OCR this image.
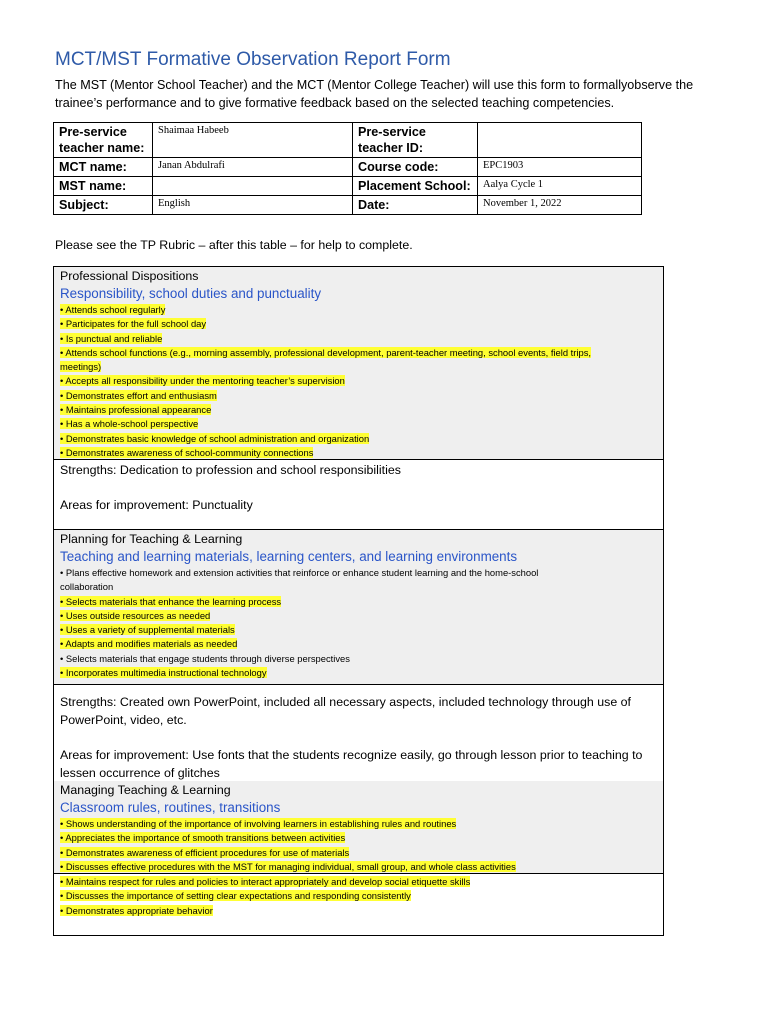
MCT/MST Formative Observation Report Form
The MST (Mentor School Teacher) and the MCT (Mentor College Teacher) will use this form to formallyobserve the trainee’s performance and to give formative feedback based on the selected teaching competencies.
Pre-service teacher name:	Shaimaa Habeeb	Pre-service teacher ID:	
MCT name:	Janan Abdulrafi	Course code:	EPC1903
MST name:		Placement School:	Aalya Cycle 1
Subject:	English	Date:	November 1, 2022
Please see the TP Rubric – after this table – for help to complete.
Professional Dispositions
Responsibility, school duties and punctuality
• Attends school regularly
• Participates for the full school day
• Is punctual and reliable
• Attends school functions (e.g., morning assembly, professional development, parent-teacher meeting, school events, field trips,
meetings)
• Accepts all responsibility under the mentoring teacher’s supervision
• Demonstrates effort and enthusiasm
• Maintains professional appearance
• Has a whole-school perspective
• Demonstrates basic knowledge of school administration and organization
• Demonstrates awareness of school-community connections

Strengths: Dedication to profession and school responsibilities

Areas for improvement: Punctuality

Planning for Teaching & Learning
Teaching and learning materials, learning centers, and learning environments
• Plans effective homework and extension activities that reinforce or enhance student learning and the home-school
collaboration
• Selects materials that enhance the learning process
• Uses outside resources as needed
• Uses a variety of supplemental materials
• Adapts and modifies materials as needed
• Selects materials that engage students through diverse perspectives
• Incorporates multimedia instructional technology

Strengths: Created own PowerPoint, included all necessary aspects, included technology through use of PowerPoint, video, etc.

Areas for improvement: Use fonts that the students recognize easily, go through lesson prior to teaching to lessen occurrence of glitches

Managing Teaching & Learning
Classroom rules, routines, transitions
• Shows understanding of the importance of involving learners in establishing rules and routines
• Appreciates the importance of smooth transitions between activities
• Demonstrates awareness of efficient procedures for use of materials
• Discusses effective procedures with the MST for managing individual, small group, and whole class activities
• Maintains respect for rules and policies to interact appropriately and develop social etiquette skills
• Discusses the importance of setting clear expectations and responding consistently
• Demonstrates appropriate behavior
